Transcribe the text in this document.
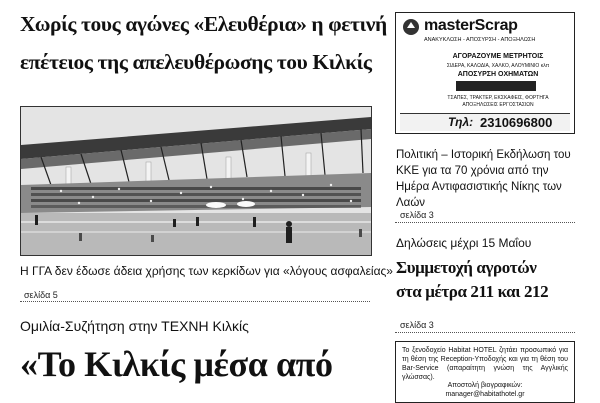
Χωρίς τους αγώνες «Ελευθέρια» η φετινή
επέτειος της απελευθέρωσης του Κιλκίς
Η ΓΓΑ δεν έδωσε άδεια χρήσης των κερκίδων για «λόγους ασφαλείας»
σελίδα 5
Ομιλία-Συζήτηση στην ΤΕΧΝΗ Κιλκίς
«Το Κιλκίς μέσα από
masterScrap
ΑΝΑΚΥΚΛΩΣΗ - ΑΠΟΣΥΡΣΗ - ΑΠΟΞΗΛΩΣΗ
ΑΓΟΡΑΖΟΥΜΕ ΜΕΤΡΗΤΟΙΣ
ΣΙΔΕΡΑ, ΚΑΛΩΔΙΑ, ΧΑΛΚΟ, ΑΛΟΥΜΙΝΙΟ κλπ
ΑΠΟΣΥΡΣΗ ΟΧΗΜΑΤΩΝ
ΤΣΑΠΕΣ, ΤΡΑΚΤΕΡ, ΕΚΣΚΑΦΕΙΣ, ΦΟΡΤΗΓΑ
ΑΠΟΞΗΛΩΣΕΙΣ ΕΡΓΟΣΤΑΣΙΩΝ
Τηλ: 2310696800
Πολιτική – Ιστορική Εκδήλωση του ΚΚΕ για τα 70 χρόνια από την Ημέρα Αντιφασιστικής Νίκης των Λαών
σελίδα 3
Δηλώσεις μέχρι 15 Μαΐου
Συμμετοχή αγροτών
στα μέτρα 211 και 212
σελίδα 3
Το ξενοδοχείο Habitat HOTEL ζητάει προσωπικό για τη θέση της Reception-Υποδοχής και για τη θέση του Bar-Service (απαραίτητη γνώση της Αγγλικής γλώσσας).
Αποστολή βιογραφικών:
manager@habitathotel.gr
